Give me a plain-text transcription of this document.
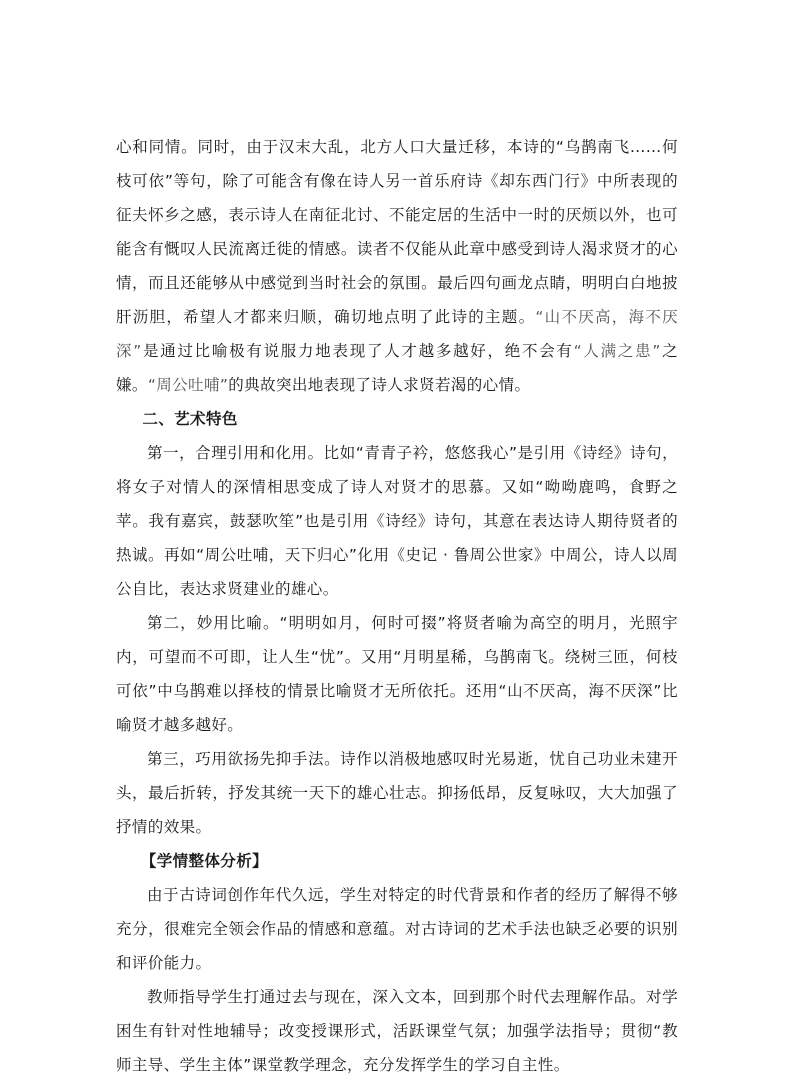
心和同情。同时，由于汉末大乱，北方人口大量迁移，本诗的“乌鹊南飞……何枝可依”等句，除了可能含有像在诗人另一首乐府诗《却东西门行》中所表现的征夫怀乡之感，表示诗人在南征北讨、不能定居的生活中一时的厌烦以外，也可能含有慨叹人民流离迁徙的情感。读者不仅能从此章中感受到诗人渴求贤才的心情，而且还能够从中感觉到当时社会的氛围。最后四句画龙点睛，明明白白地披肝沥胆，希望人才都来归顺，确切地点明了此诗的主题。“山不厌高，海不厌深”是通过比喻极有说服力地表现了人才越多越好，绝不会有“人满之患”之嫌。“周公吐哺”的典故突出地表现了诗人求贤若渴的心情。

二、艺术特色

第一，合理引用和化用。比如“青青子衿，悠悠我心”是引用《诗经》诗句，将女子对情人的深情相思变成了诗人对贤才的思慕。又如“呦呦鹿鸣，食野之苹。我有嘉宾，鼓瑟吹笙”也是引用《诗经》诗句，其意在表达诗人期待贤者的热诚。再如“周公吐哺，天下归心”化用《史记 · 鲁周公世家》中周公，诗人以周公自比，表达求贤建业的雄心。

第二，妙用比喻。“明明如月，何时可掇”将贤者喻为高空的明月，光照宇内，可望而不可即，让人生“忧”。又用“月明星稀，乌鹊南飞。绕树三匝，何枝可依”中乌鹊难以择枝的情景比喻贤才无所依托。还用“山不厌高，海不厌深”比喻贤才越多越好。

第三，巧用欲扬先抑手法。诗作以消极地感叹时光易逝，忧自己功业未建开头，最后折转，抒发其统一天下的雄心壮志。抑扬低昂，反复咏叹，大大加强了抒情的效果。

【学情整体分析】

由于古诗词创作年代久远，学生对特定的时代背景和作者的经历了解得不够充分，很难完全领会作品的情感和意蕴。对古诗词的艺术手法也缺乏必要的识别和评价能力。

教师指导学生打通过去与现在，深入文本，回到那个时代去理解作品。对学困生有针对性地辅导；改变授课形式，活跃课堂气氛；加强学法指导；贯彻“教师主导、学生主体”课堂教学理念，充分发挥学生的学习自主性。
